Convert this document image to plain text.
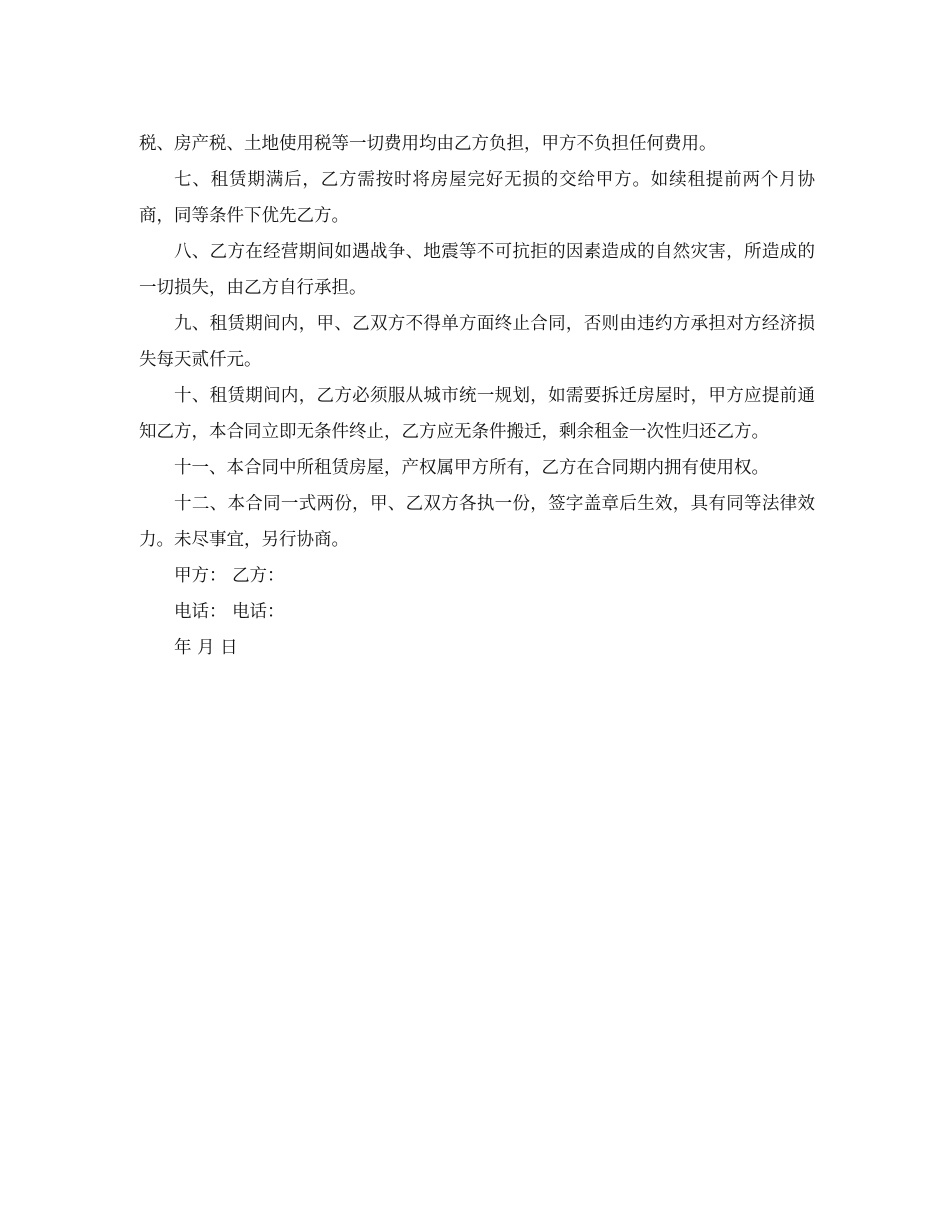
税、房产税、土地使用税等一切费用均由乙方负担，甲方不负担任何费用。

七、租赁期满后，乙方需按时将房屋完好无损的交给甲方。如续租提前两个月协商，同等条件下优先乙方。

八、乙方在经营期间如遇战争、地震等不可抗拒的因素造成的自然灾害，所造成的一切损失，由乙方自行承担。

九、租赁期间内，甲、乙双方不得单方面终止合同，否则由违约方承担对方经济损失每天贰仟元。

十、租赁期间内，乙方必须服从城市统一规划，如需要拆迁房屋时，甲方应提前通知乙方，本合同立即无条件终止，乙方应无条件搬迁，剩余租金一次性归还乙方。

十一、本合同中所租赁房屋，产权属甲方所有，乙方在合同期内拥有使用权。

十二、本合同一式两份，甲、乙双方各执一份，签字盖章后生效，具有同等法律效力。未尽事宜，另行协商。

甲方： 乙方：

电话： 电话：

年 月 日
